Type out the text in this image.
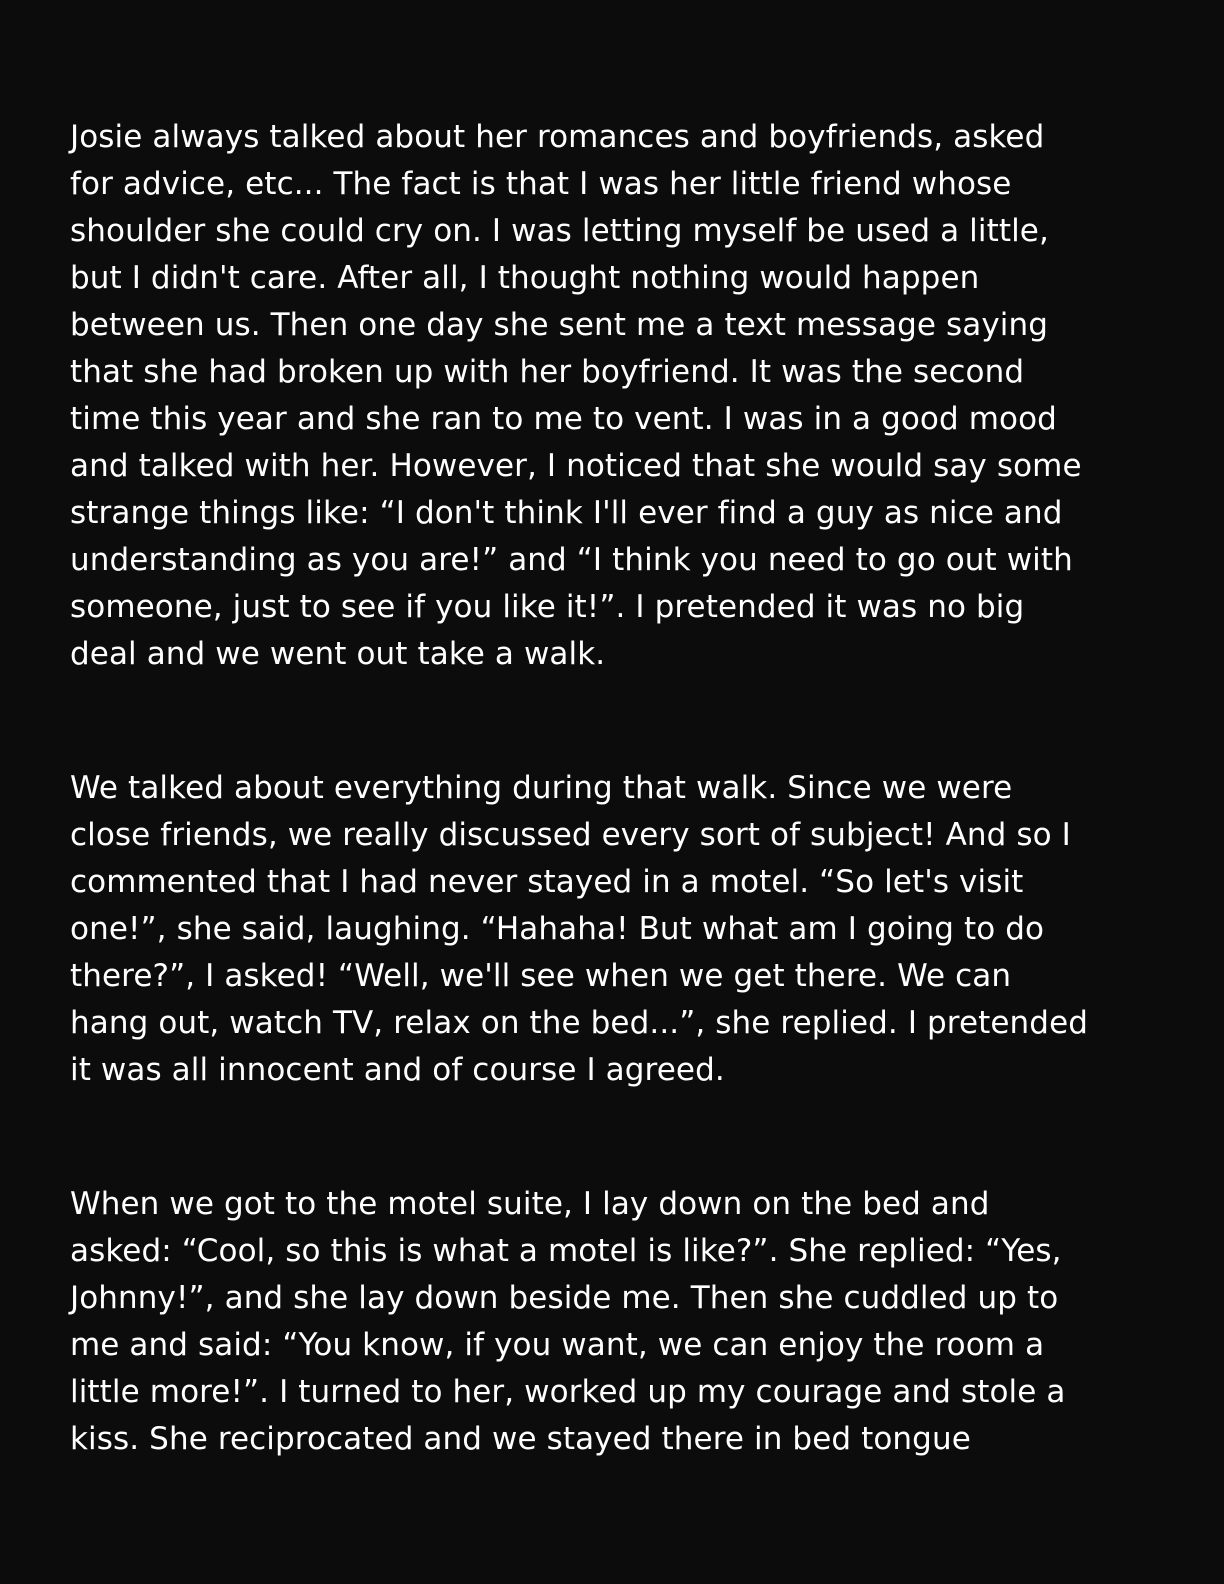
Josie always talked about her romances and boyfriends, asked
for advice, etc... The fact is that I was her little friend whose
shoulder she could cry on. I was letting myself be used a little,
but I didn't care. After all, I thought nothing would happen
between us. Then one day she sent me a text message saying
that she had broken up with her boyfriend. It was the second
time this year and she ran to me to vent. I was in a good mood
and talked with her. However, I noticed that she would say some
strange things like: “I don't think I'll ever find a guy as nice and
understanding as you are!” and “I think you need to go out with
someone, just to see if you like it!”. I pretended it was no big
deal and we went out take a walk.
We talked about everything during that walk. Since we were
close friends, we really discussed every sort of subject! And so I
commented that I had never stayed in a motel. “So let's visit
one!”, she said, laughing. “Hahaha! But what am I going to do
there?”, I asked! “Well, we'll see when we get there. We can
hang out, watch TV, relax on the bed...”, she replied. I pretended
it was all innocent and of course I agreed.
When we got to the motel suite, I lay down on the bed and
asked: “Cool, so this is what a motel is like?”. She replied: “Yes,
Johnny!”, and she lay down beside me. Then she cuddled up to
me and said: “You know, if you want, we can enjoy the room a
little more!”. I turned to her, worked up my courage and stole a
kiss. She reciprocated and we stayed there in bed tongue
